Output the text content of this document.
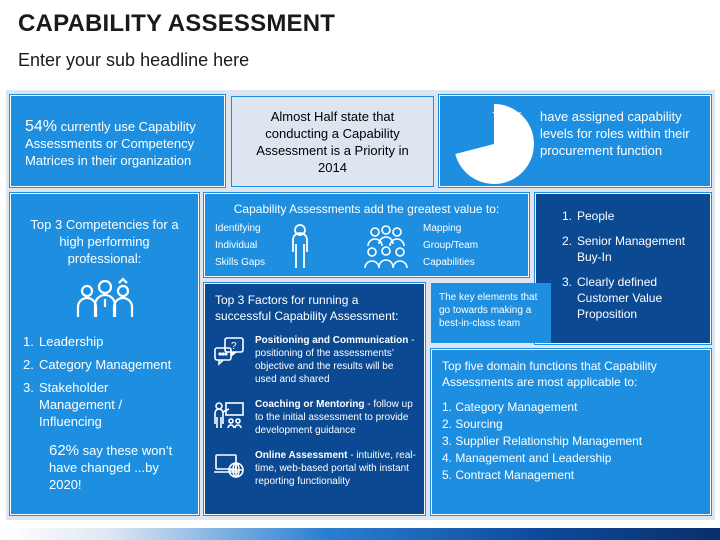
CAPABILITY ASSESSMENT
Enter your sub headline here
54% currently use Capability Assessments or Competency Matrices in their organization
Almost Half state that conducting a Capability Assessment is a Priority in 2014
71% have assigned capability levels for roles within their procurement function
Top 3 Competencies for a high performing professional:
1. Leadership
2. Category Management
3. Stakeholder Management / Influencing
62% say these won’t have changed ...by 2020!
Capability Assessments add the greatest value to:
Identifying
Individual
Skills Gaps
Mapping
Group/Team
Capabilities
Top 3 Factors for running a successful Capability Assessment:
?
Positioning and Communication - positioning of the assessments’ objective and the results will be used and shared
Coaching or Mentoring - follow up to the initial assessment to provide development guidance
Online Assessment - intuitive, real-time, web-based portal with instant reporting functionality
1. People
2. Senior Management Buy-In
3. Clearly defined Customer Value Proposition
The key elements that go towards making a best-in-class team
Top five domain functions that Capability Assessments are most applicable to:
1. Category Management
2. Sourcing
3. Supplier Relationship Management
4. Management and Leadership
5. Contract Management
